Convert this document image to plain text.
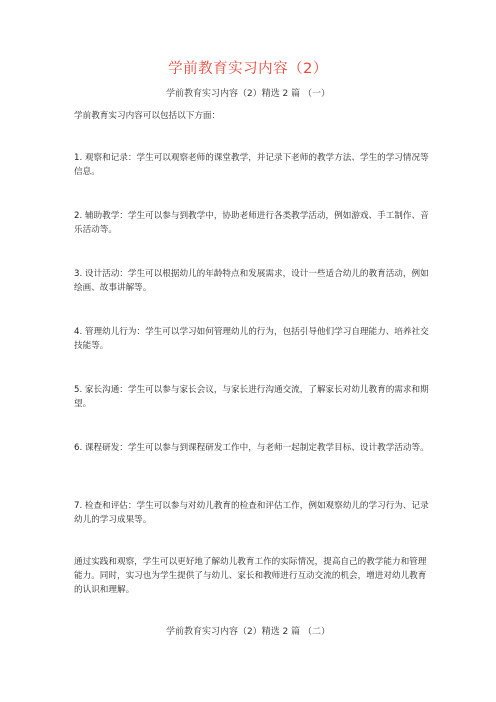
学前教育实习内容（2）
学前教育实习内容（2）精选 2 篇 （一）
学前教育实习内容可以包括以下方面：
1. 观察和记录：学生可以观察老师的课堂教学，并记录下老师的教学方法、学生的学习情况等信息。
2. 辅助教学：学生可以参与到教学中，协助老师进行各类教学活动，例如游戏、手工制作、音乐活动等。
3. 设计活动：学生可以根据幼儿的年龄特点和发展需求，设计一些适合幼儿的教育活动，例如绘画、故事讲解等。
4. 管理幼儿行为：学生可以学习如何管理幼儿的行为，包括引导他们学习自理能力、培养社交技能等。
5. 家长沟通：学生可以参与家长会议，与家长进行沟通交流，了解家长对幼儿教育的需求和期望。
6. 课程研发：学生可以参与到课程研发工作中，与老师一起制定教学目标、设计教学活动等。
7. 检查和评估：学生可以参与对幼儿教育的检查和评估工作，例如观察幼儿的学习行为、记录幼儿的学习成果等。
通过实践和观察，学生可以更好地了解幼儿教育工作的实际情况，提高自己的教学能力和管理能力。同时，实习也为学生提供了与幼儿、家长和教师进行互动交流的机会，增进对幼儿教育的认识和理解。
学前教育实习内容（2）精选 2 篇 （二）
